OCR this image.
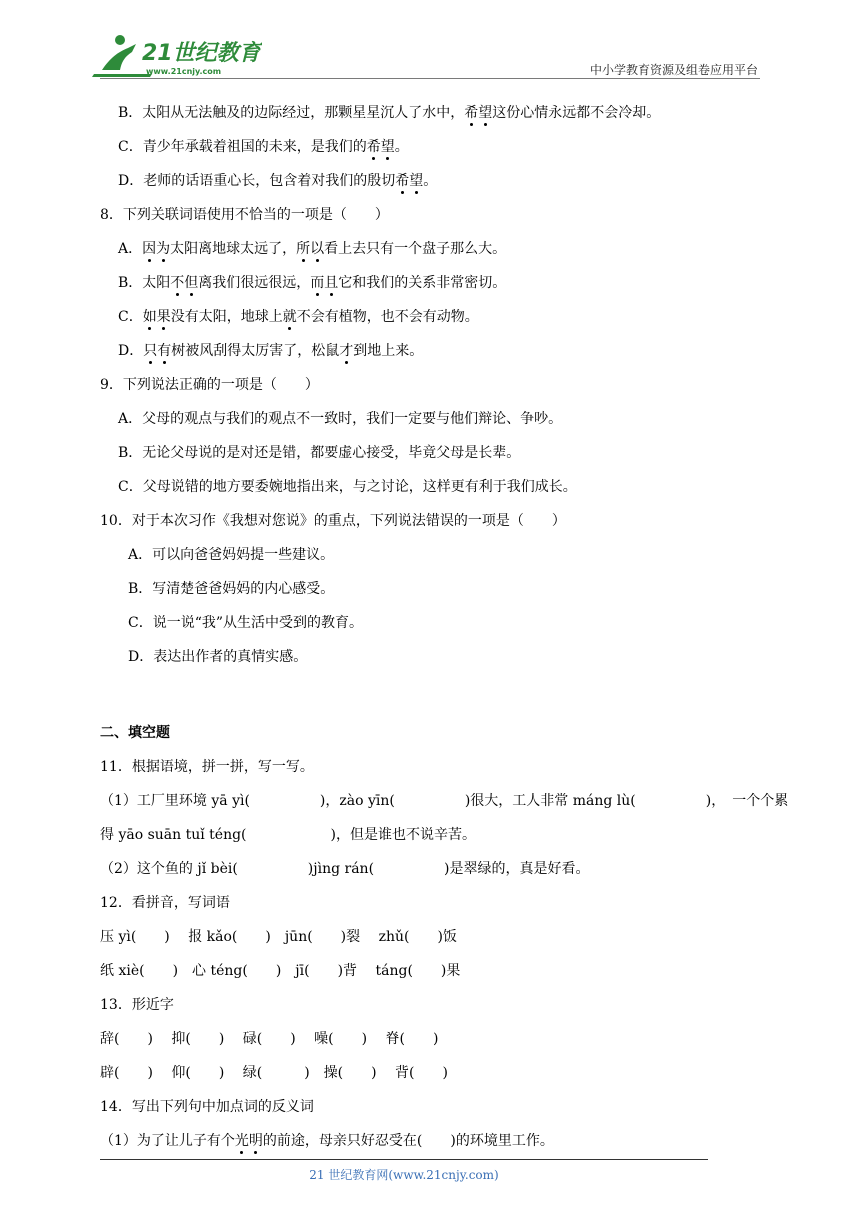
21世纪教育
www.21cnjy.com	中小学教育资源及组卷应用平台
B．太阳从无法触及的边际经过，那颗星星沉人了水中，希望这份心情永远都不会冷却。
C．青少年承载着祖国的未来，是我们的希望。
D．老师的话语重心长，包含着对我们的殷切希望。
8．下列关联词语使用不恰当的一项是（　　）
A．因为太阳离地球太远了，所以看上去只有一个盘子那么大。
B．太阳不但离我们很远很远，而且它和我们的关系非常密切。
C．如果没有太阳，地球上就不会有植物，也不会有动物。
D．只有树被风刮得太厉害了，松鼠才到地上来。
9．下列说法正确的一项是（　　）
A．父母的观点与我们的观点不一致时，我们一定要与他们辩论、争吵。
B．无论父母说的是对还是错，都要虚心接受，毕竟父母是长辈。
C．父母说错的地方要委婉地指出来，与之讨论，这样更有利于我们成长。
10．对于本次习作《我想对您说》的重点，下列说法错误的一项是（　　）
A．可以向爸爸妈妈提一些建议。
B．写清楚爸爸妈妈的内心感受。
C．说一说“我”从生活中受到的教育。
D．表达出作者的真情实感。
二、填空题
11．根据语境，拼一拼，写一写。
（1）工厂里环境 yā yì(　　　　　)，zào yīn(　　　　　)很大，工人非常 máng lù(　　　　　)，　一个个累
得 yāo suān tuǐ téng(　　　　　　)，但是谁也不说辛苦。
（2）这个鱼的 jǐ bèi(　　　　　)jìng rán(　　　　　)是翠绿的，真是好看。
12．看拼音，写词语
压 yì(　　)　 报 kǎo(　　)　jūn(　　)裂　 zhǔ(　　)饭
纸 xiè(　　)　心 téng(　　)　jī(　　)背　 táng(　　)果
13．形近字
辞(　　)　 抑(　　)　 碌(　　)　 噪(　　)　 脊(　　)
辟(　　)　 仰(　　)　 绿(　　　)　操(　　)　 背(　　)
14．写出下列句中加点词的反义词
（1）为了让儿子有个光明的前途，母亲只好忍受在(　　)的环境里工作。
21 世纪教育网(www.21cnjy.com)
